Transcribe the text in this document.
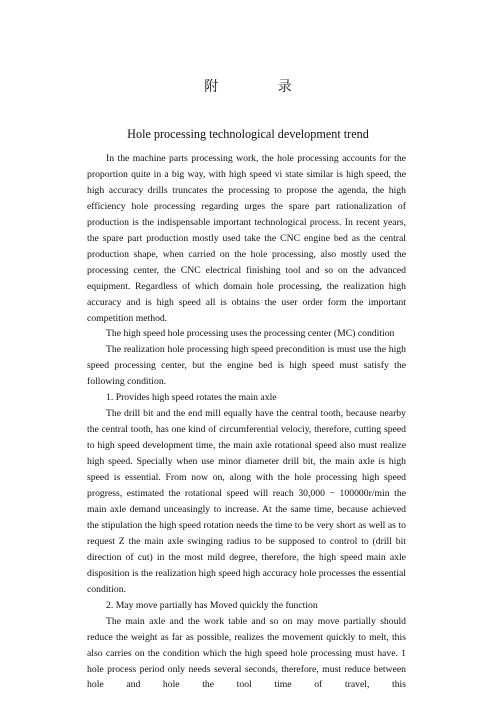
附 录
Hole processing technological development trend

In the machine parts processing work, the hole processing accounts for the proportion quite in a big way, with high speed vi state similar is high speed, the high accuracy drills truncates the processing to propose the agenda, the high efficiency hole processing regarding urges the spare part rationalization of production is the indispensable important technological process. In recent years, the spare part production mostly used take the CNC engine bed as the central production shape, when carried on the hole processing, also mostly used the processing center, the CNC electrical finishing tool and so on the advanced equipment. Regardless of which domain hole processing, the realization high accuracy and is high speed all is obtains the user order form the important competition method.

The high speed hole processing uses the processing center (MC) condition

The realization hole processing high speed precondition is must use the high speed processing center, but the engine bed is high speed must satisfy the following condition.

1. Provides high speed rotates the main axle

The drill bit and the end mill equally have the central tooth, because nearby the central tooth, has one kind of circumferential velociy, therefore, cutting speed to high speed development time, the main axle rotational speed also must realize high speed. Specially when use minor diameter drill bit, the main axle is high speed is essential. From now on, along with the hole processing high speed progress, estimated the rotational speed will reach 30,000 − 100000r/min the main axle demand unceasingly to increase. At the same time, because achieved the stipulation the high speed rotation needs the time to be very short as well as to request Z the main axle swinging radius to be supposed to control to (drill bit direction of cut) in the most mild degree, therefore, the high speed main axle disposition is the realization high speed high accuracy hole processes the essential condition.

2. May move partially has Moved quickly the function

The main axle and the work table and so on may move partially should reduce the weight as far as possible, realizes the movement quickly to melt, this also carries on the condition which the high speed hole processing must have. 1 hole process period only needs several seconds, therefore, must reduce between hole and hole the tool time of travel, this
